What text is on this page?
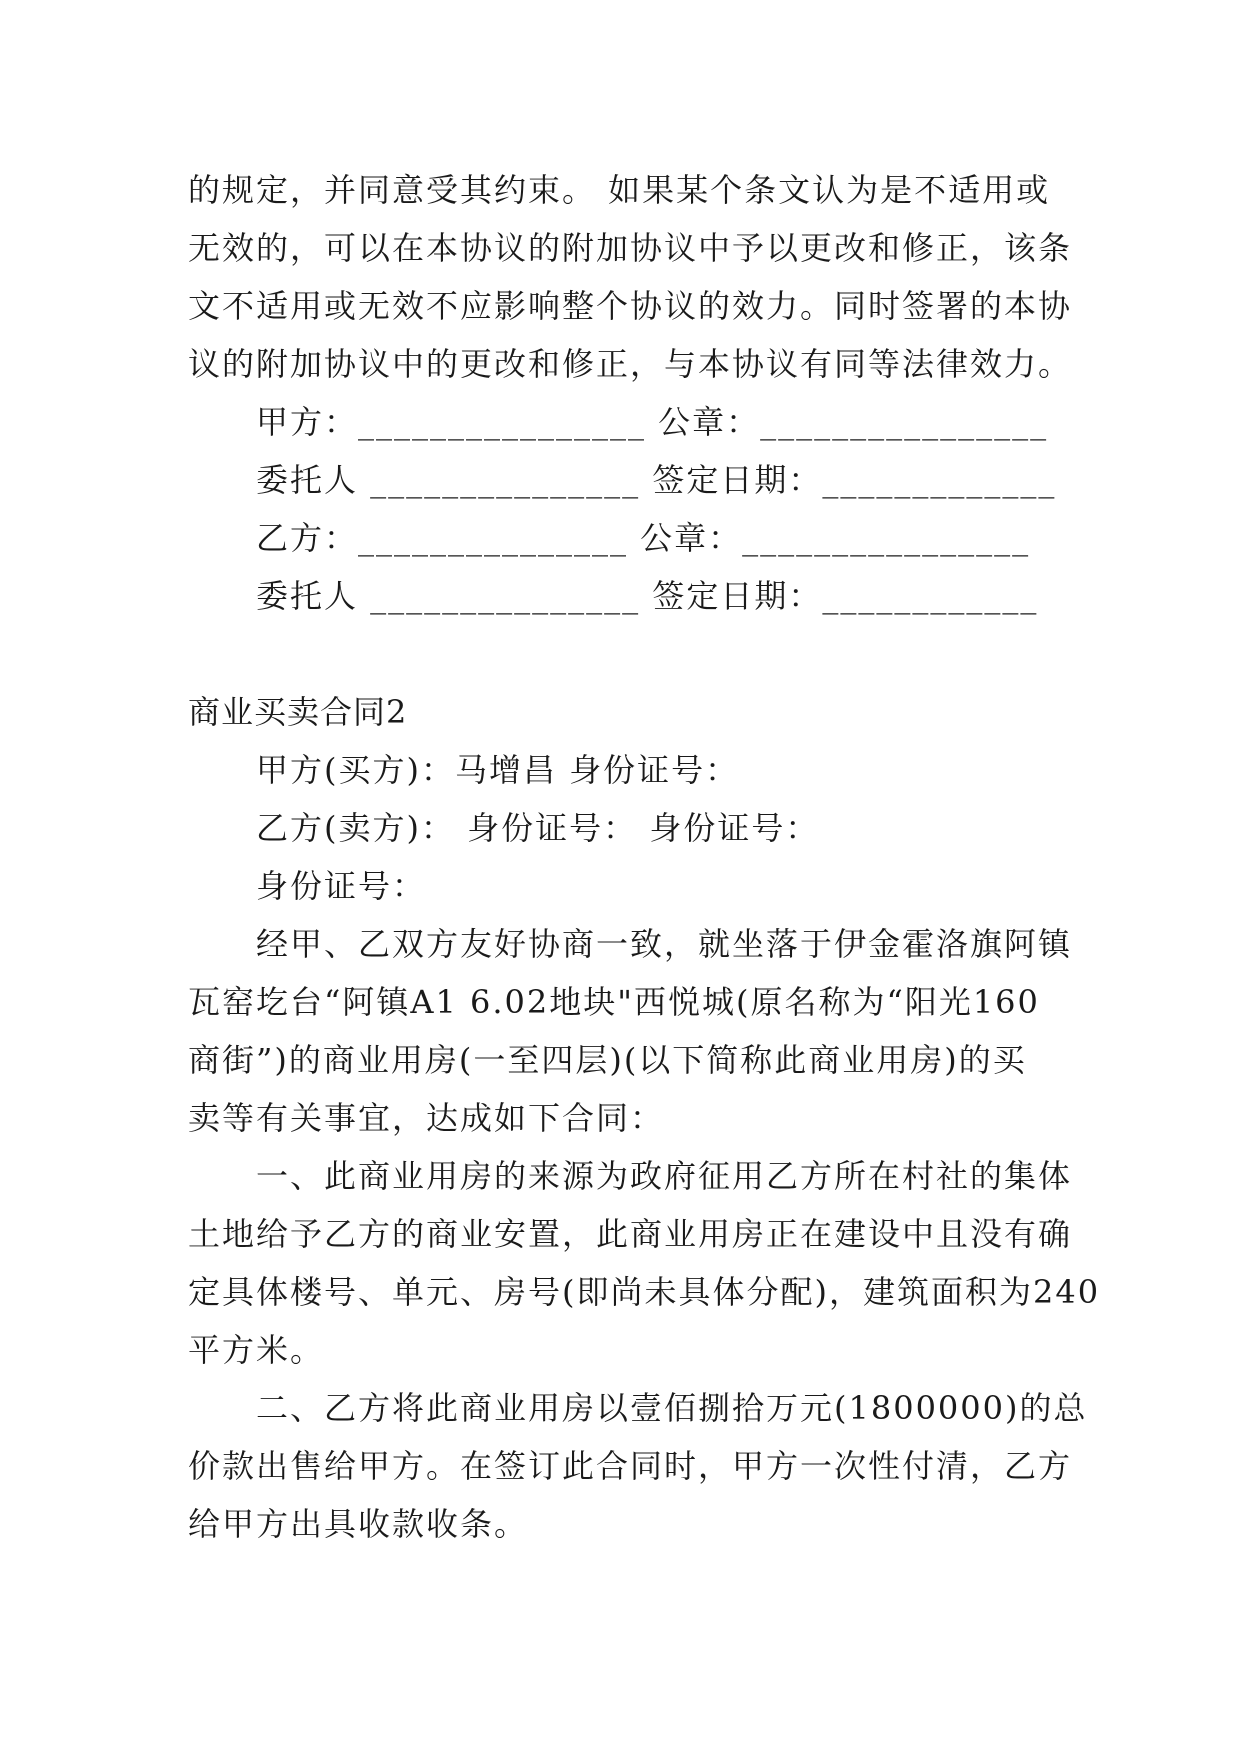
的规定，并同意受其约束。 如果某个条文认为是不适用或
无效的，可以在本协议的附加协议中予以更改和修正，该条
文不适用或无效不应影响整个协议的效力。同时签署的本协
议的附加协议中的更改和修正，与本协议有同等法律效力。
甲方：________________ 公章：________________
委托人 _______________ 签定日期：_____________
乙方：_______________ 公章：________________
委托人 _______________ 签定日期：____________
商业买卖合同2
甲方(买方)：马增昌 身份证号：
乙方(卖方)： 身份证号： 身份证号：
身份证号：
经甲、乙双方友好协商一致，就坐落于伊金霍洛旗阿镇
瓦窑圪台“阿镇A1 6.02地块"西悦城(原名称为“阳光160
商街”)的商业用房(一至四层)(以下简称此商业用房)的买
卖等有关事宜，达成如下合同：
一、此商业用房的来源为政府征用乙方所在村社的集体
土地给予乙方的商业安置，此商业用房正在建设中且没有确
定具体楼号、单元、房号(即尚未具体分配)，建筑面积为240
平方米。
二、乙方将此商业用房以壹佰捌拾万元(1800000)的总
价款出售给甲方。在签订此合同时，甲方一次性付清，乙方
给甲方出具收款收条。
